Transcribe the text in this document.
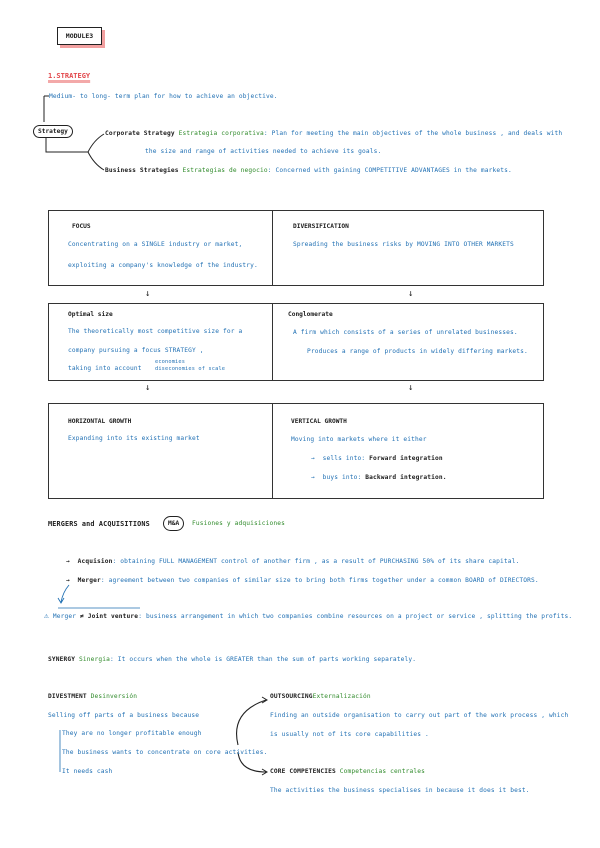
MODULE3
1.STRATEGY
Medium- to long- term plan for how to achieve an objective.
Strategy	Corporate Strategy Estrategia corporativa: Plan for meeting the main objectives of the whole business , and deals with
the size and range of activities needed to achieve its goals.
Business Strategies Estrategias de negocio: Concerned with gaining COMPETITIVE ADVANTAGES in the markets.
FOCUS
Concentrating on a SINGLE industry or market,
exploiting a company's knowledge of the industry.
DIVERSIFICATION
Spreading the business risks by MOVING INTO OTHER MARKETS
↓	↓
Optimal size
The theoretically most competitive size for a
company pursuing a focus STRATEGY ,
taking into account
economies
diseconomies of scale
Conglomerate
A firm which consists of a series of unrelated businesses.
Produces a range of products in widely differing markets.
↓	↓
HORIZONTAL GROWTH
Expanding into its existing market
VERTICAL GROWTH
Moving into markets where it either
→  sells into: Forward integration
→  buys into: Backward integration.
MERGERS and ACQUISITIONS	M&A	Fusiones y adquisiciones
→  Acquision: obtaining FULL MANAGEMENT control of another firm , as a result of PURCHASING 50% of its share capital.
→  Merger: agreement between two companies of similar size to bring both firms together under a common BOARD of DIRECTORS.
⚠ Merger ≠ Joint venture: business arrangement in which two companies combine resources on a project or service , splitting the profits.
SYNERGY Sinergia: It occurs when the whole is GREATER than the sum of parts working separately.
DIVESTMENT Desinversión
Selling off parts of a business because
They are no longer profitable enough
The business wants to concentrate on core activities.
It needs cash
OUTSOURCINGExternalización
Finding an outside organisation to carry out part of the work process , which
is usually not of its core capabilities .
CORE COMPETENCIES Competencias centrales
The activities the business specialises in because it does it best.
